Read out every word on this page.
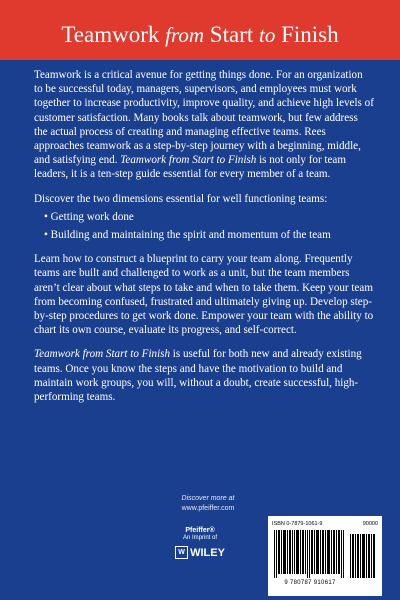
Teamwork from Start to Finish

Teamwork is a critical avenue for getting things done. For an organization to be successful today, managers, supervisors, and employees must work together to increase productivity, improve quality, and achieve high levels of customer satisfaction. Many books talk about teamwork, but few address the actual process of creating and managing effective teams. Rees approaches teamwork as a step-by-step journey with a beginning, middle, and satisfying end. Teamwork from Start to Finish is not only for team leaders, it is a ten-step guide essential for every member of a team.

Discover the two dimensions essential for well functioning teams:

• Getting work done
• Building and maintaining the spirit and momentum of the team

Learn how to construct a blueprint to carry your team along. Frequently teams are built and challenged to work as a unit, but the team members aren’t clear about what steps to take and when to take them. Keep your team from becoming confused, frustrated and ultimately giving up. Develop step-by-step procedures to get work done. Empower your team with the ability to chart its own course, evaluate its progress, and self-correct.

Teamwork from Start to Finish is useful for both new and already existing teams. Once you know the steps and have the motivation to build and maintain work groups, you will, without a doubt, create successful, high-performing teams.

Discover more at
www.pfeiffer.com
Pfeiffer®
An Imprint of
W WILEY
ISBN 0-7879-1061-9	90000
9 780787 910617
